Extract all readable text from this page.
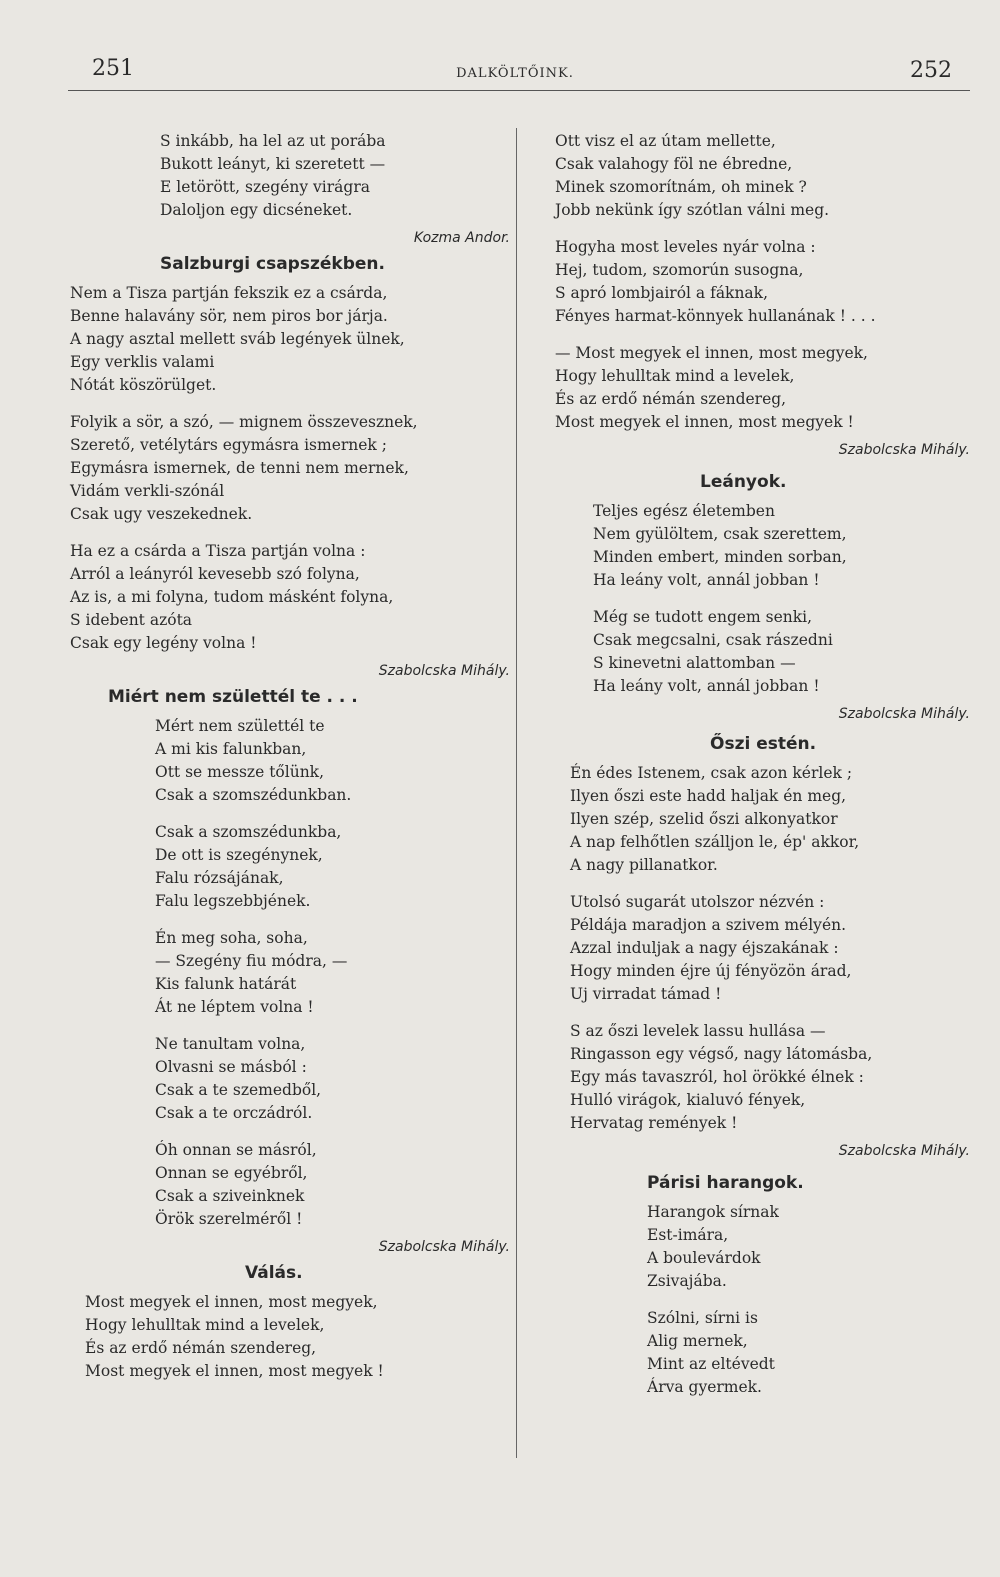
251	DALKÖLTŐINK.	252
S inkább, ha lel az ut porába
Bukott leányt, ki szeretett —
E letörött, szegény virágra
Daloljon egy dicséneket.
Kozma Andor.
Salzburgi csapszékben.
Nem a Tisza partján fekszik ez a csárda,
Benne halavány sör, nem piros bor járja.
A nagy asztal mellett sváb legények ülnek,
Egy verklis valami
Nótát köszörülget.
Folyik a sör, a szó, — mignem összevesznek,
Szerető, vetélytárs egymásra ismernek ;
Egymásra ismernek, de tenni nem mernek,
Vidám verkli-szónál
Csak ugy veszekednek.
Ha ez a csárda a Tisza partján volna :
Arról a leányról kevesebb szó folyna,
Az is, a mi folyna, tudom másként folyna,
S idebent azóta
Csak egy legény volna !
Szabolcska Mihály.
Miért nem születtél te . . .
Mért nem születtél te
A mi kis falunkban,
Ott se messze tőlünk,
Csak a szomszédunkban.
Csak a szomszédunkba,
De ott is szegénynek,
Falu rózsájának,
Falu legszebbjének.
Én meg soha, soha,
— Szegény fiu módra, —
Kis falunk határát
Át ne léptem volna !
Ne tanultam volna,
Olvasni se másból :
Csak a te szemedből,
Csak a te orczádról.
Óh onnan se másról,
Onnan se egyébről,
Csak a sziveinknek
Örök szerelméről !
Szabolcska Mihály.
Válás.
Most megyek el innen, most megyek,
Hogy lehulltak mind a levelek,
És az erdő némán szendereg,
Most megyek el innen, most megyek !
Ott visz el az útam mellette,
Csak valahogy föl ne ébredne,
Minek szomorítnám, oh minek ?
Jobb nekünk így szótlan válni meg.
Hogyha most leveles nyár volna :
Hej, tudom, szomorún susogna,
S apró lombjairól a fáknak,
Fényes harmat-könnyek hullanának ! . . .
— Most megyek el innen, most megyek,
Hogy lehulltak mind a levelek,
És az erdő némán szendereg,
Most megyek el innen, most megyek !
Szabolcska Mihály.
Leányok.
Teljes egész életemben
Nem gyülöltem, csak szerettem,
Minden embert, minden sorban,
Ha leány volt, annál jobban !
Még se tudott engem senki,
Csak megcsalni, csak rászedni
S kinevetni alattomban —
Ha leány volt, annál jobban !
Szabolcska Mihály.
Őszi estén.
Én édes Istenem, csak azon kérlek ;
Ilyen őszi este hadd haljak én meg,
Ilyen szép, szelid őszi alkonyatkor
A nap felhőtlen szálljon le, ép' akkor,
A nagy pillanatkor.
Utolsó sugarát utolszor nézvén :
Példája maradjon a szivem mélyén.
Azzal induljak a nagy éjszakának :
Hogy minden éjre új fényözön árad,
Uj virradat támad !
S az őszi levelek lassu hullása —
Ringasson egy végső, nagy látomásba,
Egy más tavaszról, hol örökké élnek :
Hulló virágok, kialuvó fények,
Hervatag remények !
Szabolcska Mihály.
Párisi harangok.
Harangok sírnak
Est-imára,
A boulevárdok
Zsivajába.
Szólni, sírni is
Alig mernek,
Mint az eltévedt
Árva gyermek.
